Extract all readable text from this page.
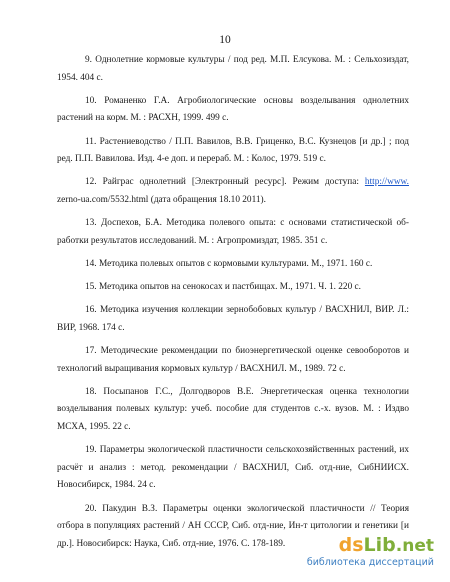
10

9. Однолетние кормовые культуры / под ред. М.П. Елсукова. М. : Сельхозиздат, 1954. 404 с.

10. Романенко Г.А. Агробиологические основы возделывания однолетних растений на корм. М. : РАСХН, 1999. 499 с.

11. Растениеводство / П.П. Вавилов, В.В. Гриценко, В.С. Кузнецов [и др.] ; под ред. П.П. Вавилова. Изд. 4-е доп. и перераб. М. : Колос, 1979. 519 с.

12. Райграс однолетний [Электронный ресурс]. Режим доступа: http://www. zerno-ua.com/5532.html (дата обращения 18.10 2011).

13. Доспехов, Б.А. Методика полевого опыта: с основами статистической обработки результатов исследований. М. : Агропромиздат, 1985. 351 с.

14. Методика полевых опытов с кормовыми культурами. М., 1971. 160 с.

15. Методика опытов на сенокосах и пастбищах. М., 1971. Ч. 1. 220 с.

16. Методика изучения коллекции зернобобовых культур / ВАСХНИЛ, ВИР. Л.: ВИР, 1968. 174 с.

17. Методические рекомендации по биоэнергетической оценке севооборотов и технологий выращивания кормовых культур / ВАСХНИЛ. М., 1989. 72 с.

18. Посыпанов Г.С., Долгодворов В.Е. Энергетическая оценка технологии возделывания полевых культур: учеб. пособие для студентов с.-х. вузов. М. : Издво МСХА, 1995. 22 с.

19. Параметры экологической пластичности сельскохозяйственных растений, их расчёт и анализ : метод. рекомендации / ВАСХНИЛ, Сиб. отд-ние, СибНИИСХ. Новосибирск, 1984. 24 с.

20. Пакудин В.З. Параметры оценки экологической пластичности // Теория отбора в популяциях растений / АН СССР, Сиб. отд-ние, Ин-т цитологии и генетики [и др.]. Новосибирск: Наука, Сиб. отд-ние, 1976. С. 178-189.	dsLib.net
библиотека диссертаций
